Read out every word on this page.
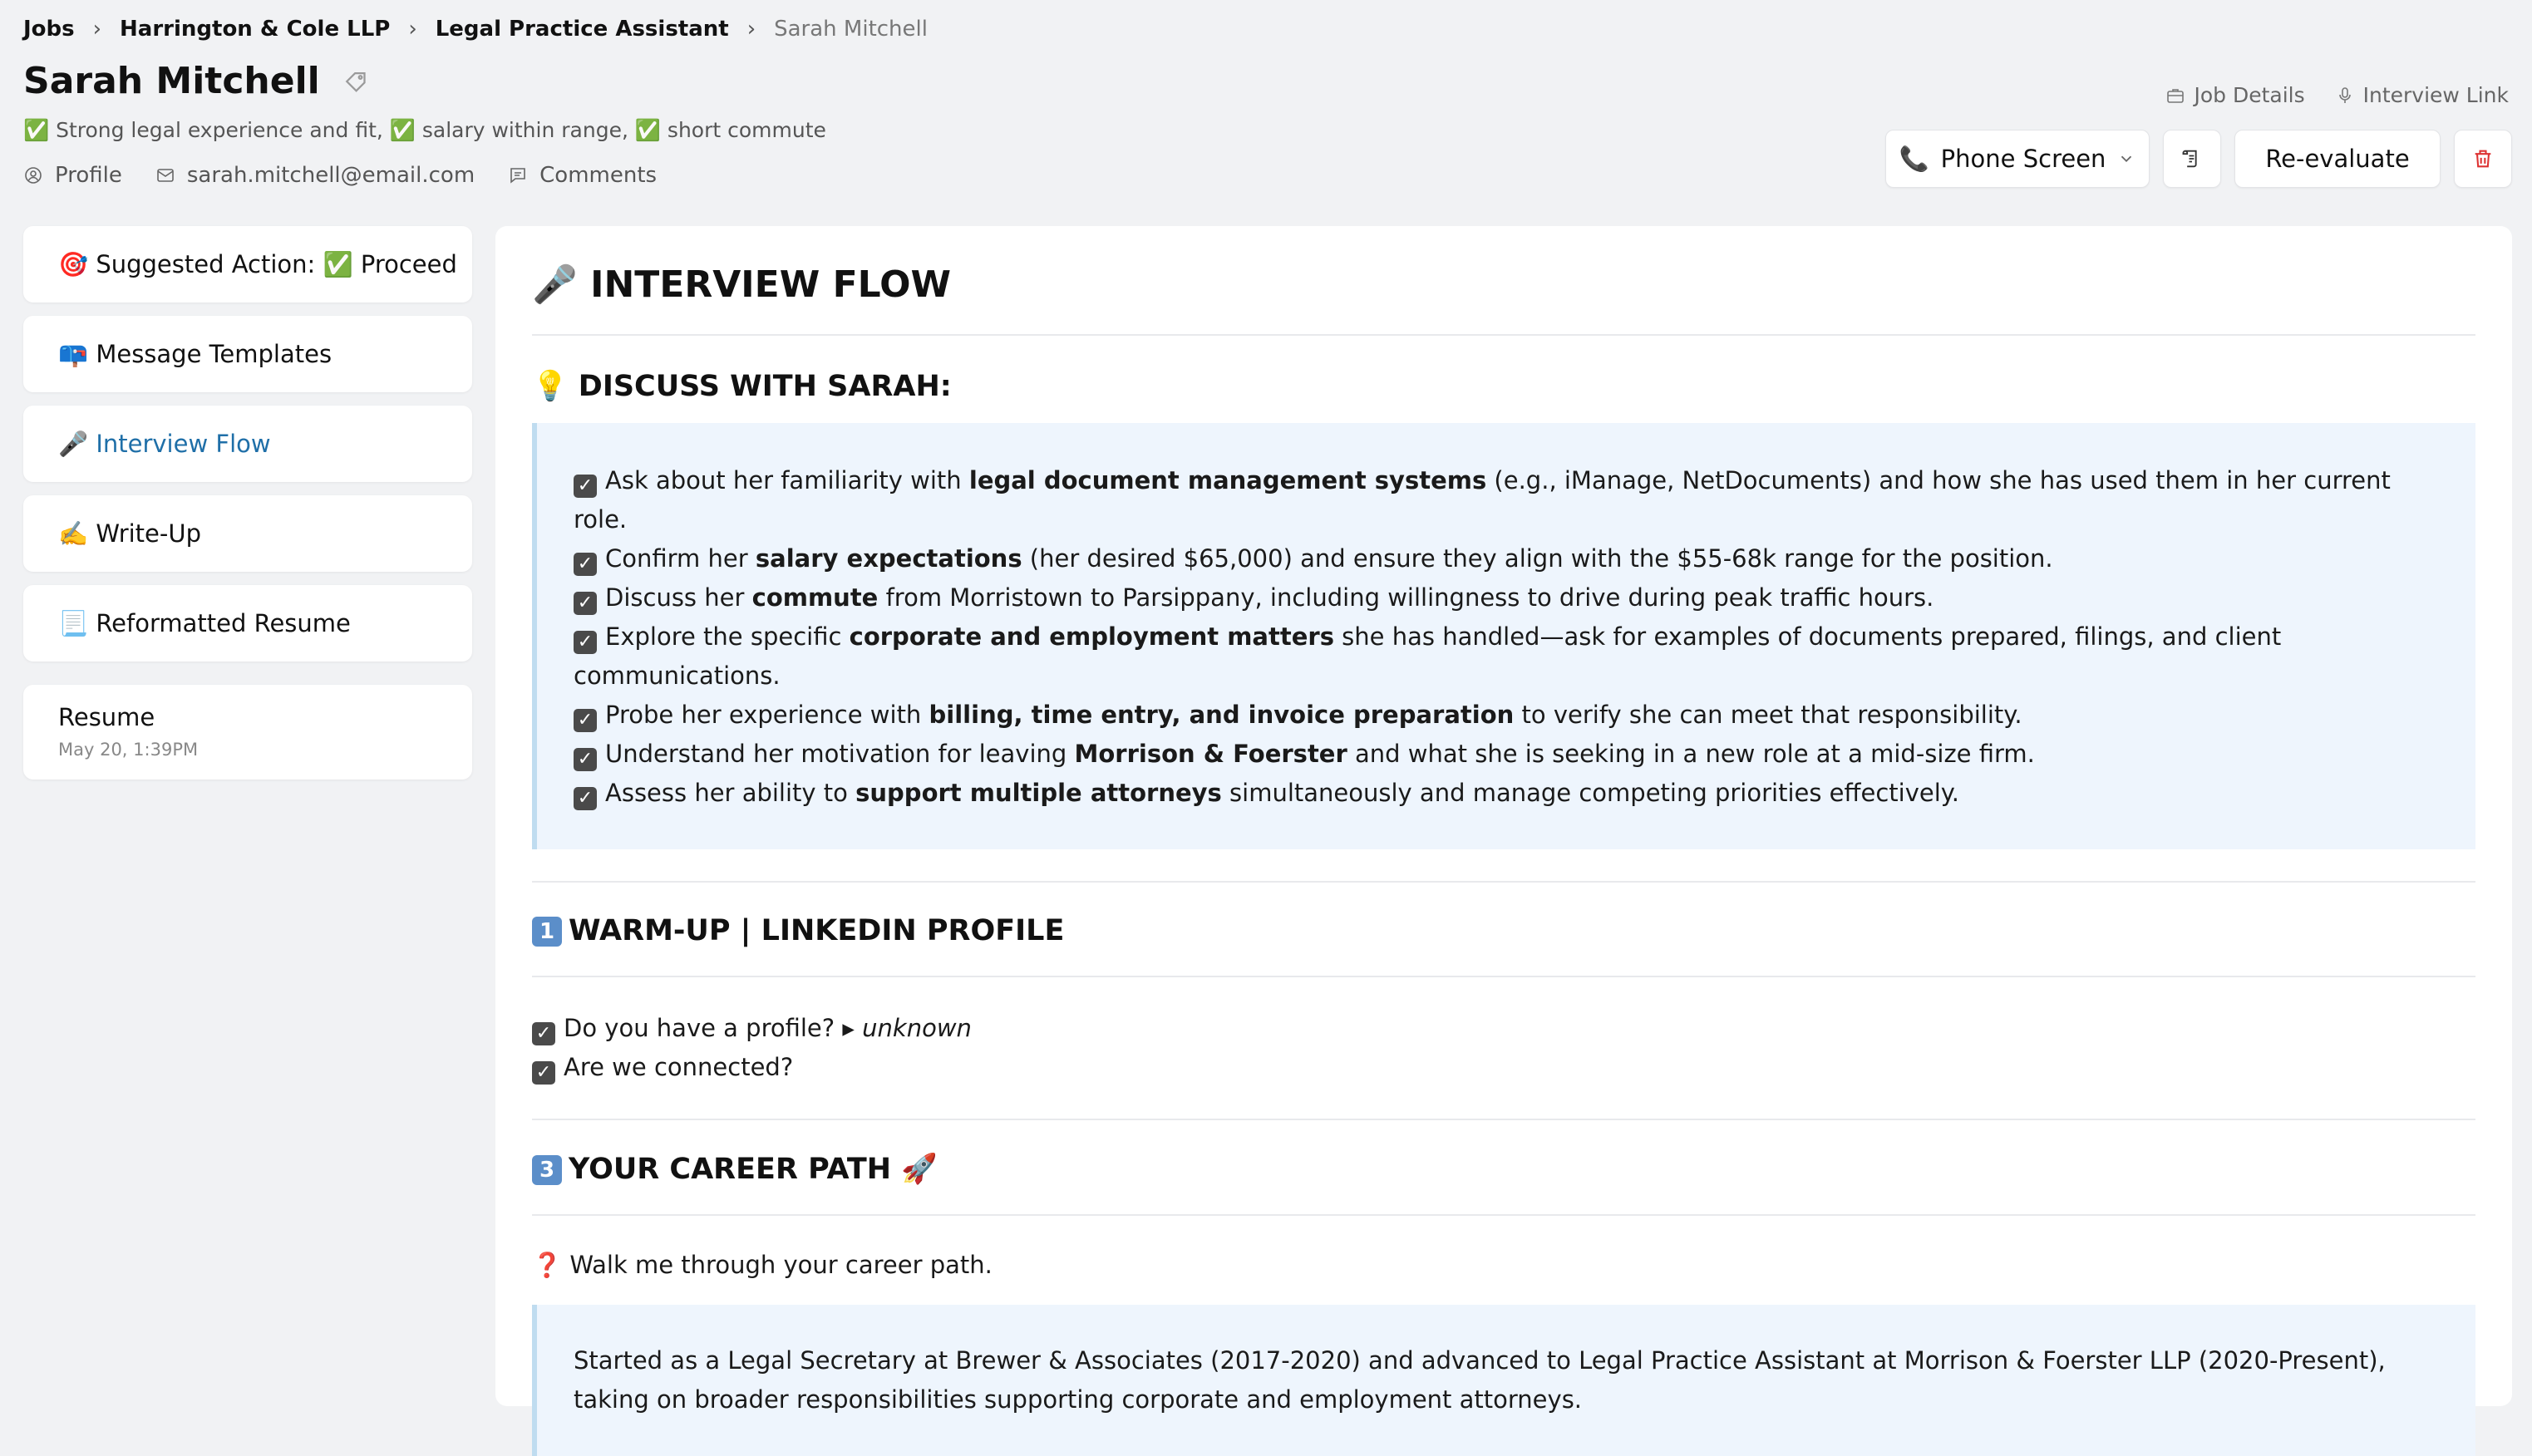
Jobs › Harrington & Cole LLP › Legal Practice Assistant › Sarah Mitchell
Sarah Mitchell
✅ Strong legal experience and fit, ✅ salary within range, ✅ short commute
Profile	sarah.mitchell@email.com	Comments
Job Details	Interview Link
📞 Phone Screen	Re-evaluate
🎯 Suggested Action: ✅ Proceed
📪 Message Templates
🎤 Interview Flow
✍️ Write-Up
📃 Reformatted Resume
Resume
May 20, 1:39PM
🎤 INTERVIEW FLOW
💡 DISCUSS WITH SARAH:
✓ Ask about her familiarity with legal document management systems (e.g., iManage, NetDocuments) and how she has used them in her current role.
✓ Confirm her salary expectations (her desired $65,000) and ensure they align with the $55-68k range for the position.
✓ Discuss her commute from Morristown to Parsippany, including willingness to drive during peak traffic hours.
✓ Explore the specific corporate and employment matters she has handled—ask for examples of documents prepared, filings, and client communications.
✓ Probe her experience with billing, time entry, and invoice preparation to verify she can meet that responsibility.
✓ Understand her motivation for leaving Morrison & Foerster and what she is seeking in a new role at a mid-size firm.
✓ Assess her ability to support multiple attorneys simultaneously and manage competing priorities effectively.
1 WARM-UP | LINKEDIN PROFILE
✓ Do you have a profile? ▸ unknown
✓ Are we connected?
3 YOUR CAREER PATH 🚀
❓ Walk me through your career path.
Started as a Legal Secretary at Brewer & Associates (2017-2020) and advanced to Legal Practice Assistant at Morrison & Foerster LLP (2020-Present), taking on broader responsibilities supporting corporate and employment attorneys.
